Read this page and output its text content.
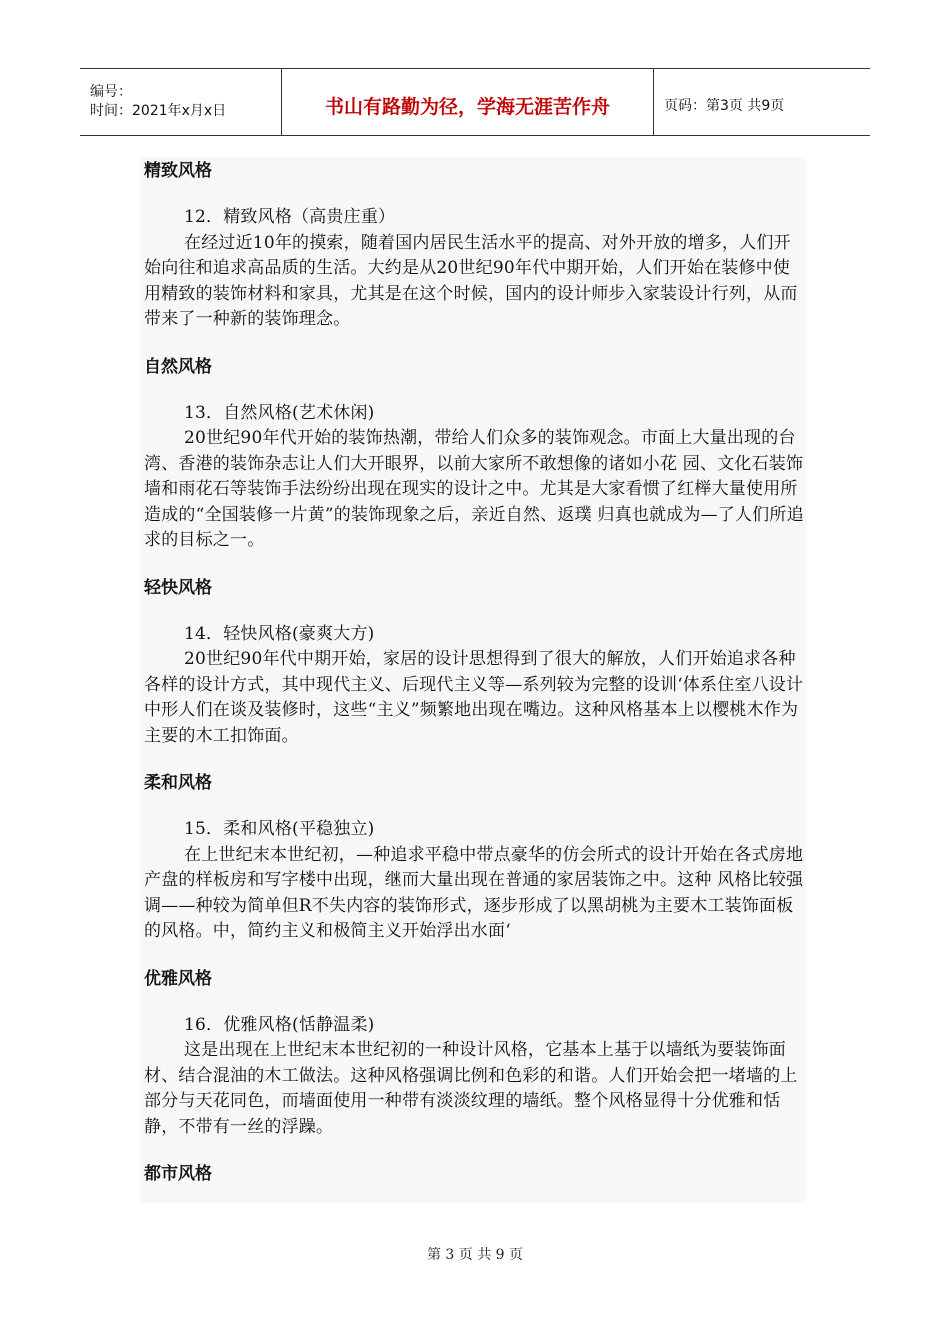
编号：
时间：2021年x月x日	书山有路勤为径，学海无涯苦作舟	页码：第3页 共9页
精致风格

12．精致风格（高贵庄重）

在经过近10年的摸索，随着国内居民生活水平的提高、对外开放的增多，人们开始向往和追求高品质的生活。大约是从20世纪90年代中期开始，人们开始在装修中使用精致的装饰材料和家具，尤其是在这个时候，国内的设计师步入家装设计行列，从而带来了一种新的装饰理念。

自然风格

13．自然风格(艺术休闲)

20世纪90年代开始的装饰热潮，带给人们众多的装饰观念。市面上大量出现的台湾、香港的装饰杂志让人们大开眼界，以前大家所不敢想像的诸如小花 园、文化石装饰墙和雨花石等装饰手法纷纷出现在现实的设计之中。尤其是大家看惯了红榉大量使用所造成的“全国装修一片黄”的装饰现象之后，亲近自然、返璞 归真也就成为—了人们所追求的目标之一。

轻快风格

14．轻快风格(豪爽大方)

20世纪90年代中期开始，家居的设计思想得到了很大的解放，人们开始追求各种各样的设计方式，其中现代主义、后现代主义等—系列较为完整的设训‘体系住室八设计中形人们在谈及装修时，这些“主义”频繁地出现在嘴边。这种风格基本上以樱桃木作为主要的木工扣饰面。

柔和风格

15．柔和风格(平稳独立)

在上世纪末本世纪初，—种追求平稳中带点豪华的仿会所式的设计开始在各式房地产盘的样板房和写字楼中出现，继而大量出现在普通的家居装饰之中。这种 风格比较强调——种较为简单但R不失内容的装饰形式，逐步形成了以黑胡桃为主要木工装饰面板的风格。中，简约主义和极简主义开始浮出水面‘

优雅风格

16．优雅风格(恬静温柔)

这是出现在上世纪末本世纪初的一种设计风格，它基本上基于以墙纸为要装饰面材、结合混油的木工做法。这种风格强调比例和色彩的和谐。人们开始会把一堵墙的上部分与天花同色，而墙面使用一种带有淡淡纹理的墙纸。整个风格显得十分优雅和恬静，不带有一丝的浮躁。

都市风格
第 3 页 共 9 页
